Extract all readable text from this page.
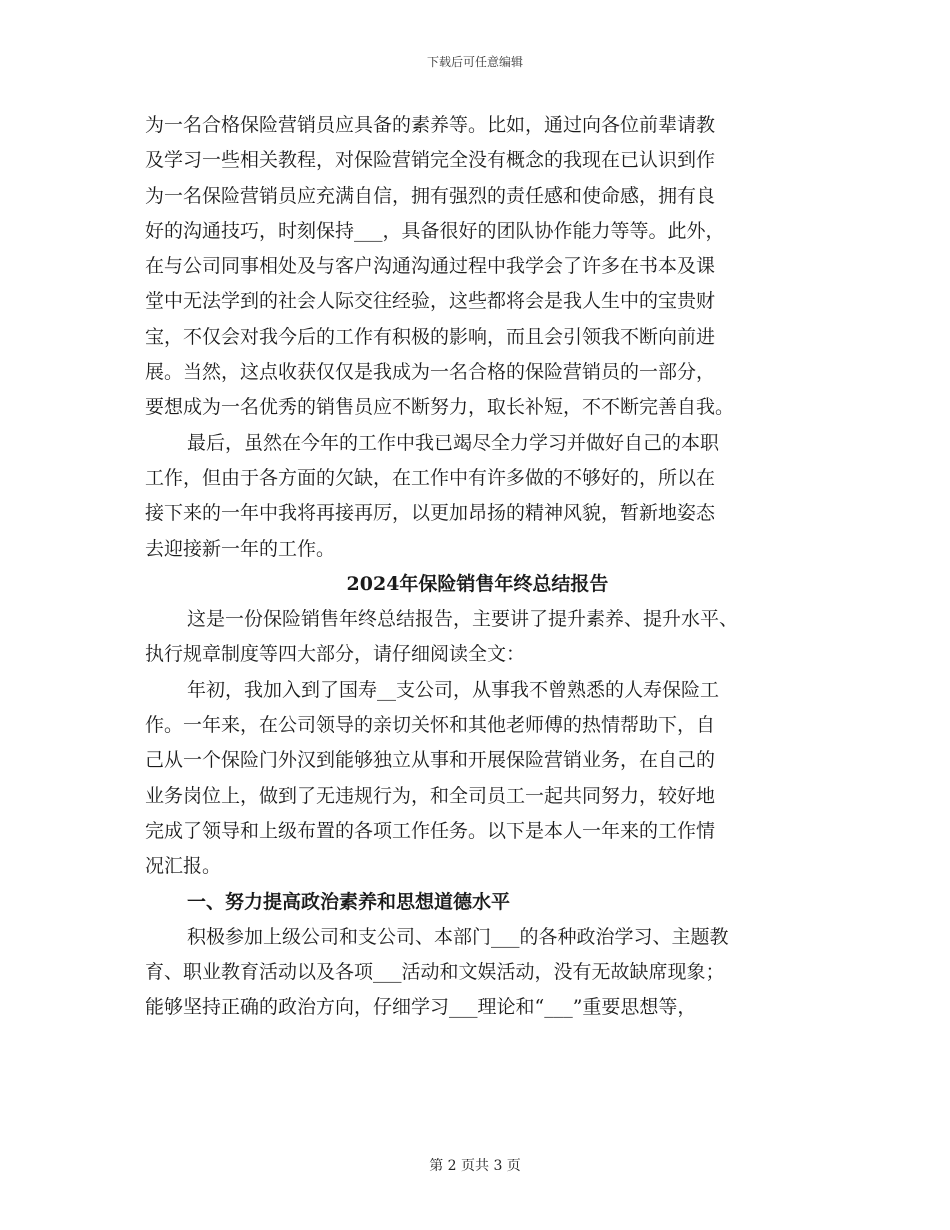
下载后可任意编辑
为一名合格保险营销员应具备的素养等。比如，通过向各位前辈请教
及学习一些相关教程，对保险营销完全没有概念的我现在已认识到作
为一名保险营销员应充满自信，拥有强烈的责任感和使命感，拥有良
好的沟通技巧，时刻保持___，具备很好的团队协作能力等等。此外，
在与公司同事相处及与客户沟通沟通过程中我学会了许多在书本及课
堂中无法学到的社会人际交往经验，这些都将会是我人生中的宝贵财
宝，不仅会对我今后的工作有积极的影响，而且会引领我不断向前进
展。当然，这点收获仅仅是我成为一名合格的保险营销员的一部分，
要想成为一名优秀的销售员应不断努力，取长补短，不不断完善自我。
最后，虽然在今年的工作中我已竭尽全力学习并做好自己的本职
工作，但由于各方面的欠缺，在工作中有许多做的不够好的，所以在
接下来的一年中我将再接再厉，以更加昂扬的精神风貌，暂新地姿态
去迎接新一年的工作。
2024年保险销售年终总结报告
这是一份保险销售年终总结报告，主要讲了提升素养、提升水平、
执行规章制度等四大部分，请仔细阅读全文：
年初，我加入到了国寿__支公司，从事我不曾熟悉的人寿保险工
作。一年来，在公司领导的亲切关怀和其他老师傅的热情帮助下，自
己从一个保险门外汉到能够独立从事和开展保险营销业务，在自己的
业务岗位上，做到了无违规行为，和全司员工一起共同努力，较好地
完成了领导和上级布置的各项工作任务。以下是本人一年来的工作情
况汇报。
一、努力提高政治素养和思想道德水平
积极参加上级公司和支公司、本部门___的各种政治学习、主题教
育、职业教育活动以及各项___活动和文娱活动，没有无故缺席现象；
能够坚持正确的政治方向，仔细学习___理论和“___”重要思想等，
第 2 页共 3 页
